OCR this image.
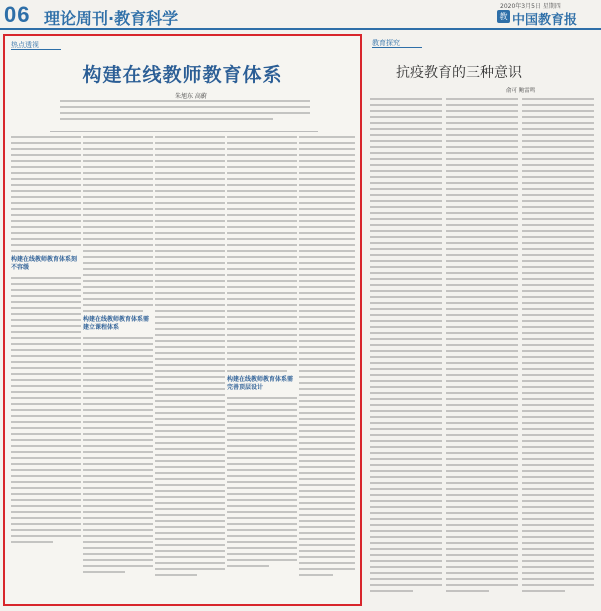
06 理论周刊·教育科学
2020年3月5日 星期四
教 中国教育报
热点透视
构建在线教师教育体系
朱旭东 高蔚
构建在线教师教育体系刻不容缓
构建在线教师教育体系需建立课程体系
构建在线教师教育体系需完善顶层设计
教育探究
抗疫教育的三种意识
俞可 鲍雷鸣
